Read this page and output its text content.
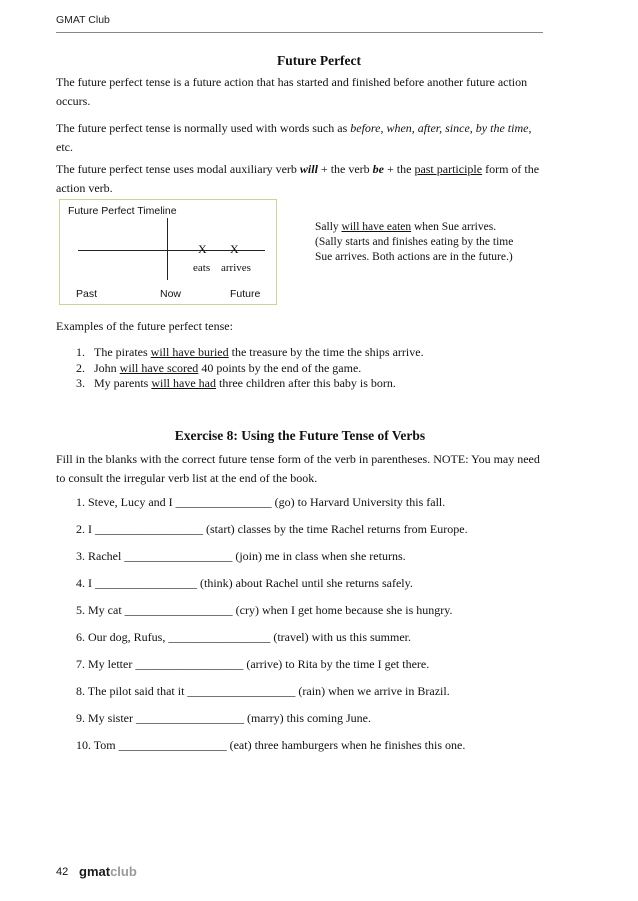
GMAT Club
Future Perfect
The future perfect tense is a future action that has started and finished before another future action occurs.
The future perfect tense is normally used with words such as before, when, after, since, by the time, etc.
The future perfect tense uses modal auxiliary verb will + the verb be + the past participle form of the action verb.
Future Perfect Timeline
X X
eats arrives
Past	Now	Future
Sally will have eaten when Sue arrives.
(Sally starts and finishes eating by the time Sue arrives. Both actions are in the future.)
Examples of the future perfect tense:
1. The pirates will have buried the treasure by the time the ships arrive.
2. John will have scored 40 points by the end of the game.
3. My parents will have had three children after this baby is born.
Exercise 8: Using the Future Tense of Verbs
Fill in the blanks with the correct future tense form of the verb in parentheses. NOTE: You may need to consult the irregular verb list at the end of the book.
1. Steve, Lucy and I ________________ (go) to Harvard University this fall.
2. I __________________ (start) classes by the time Rachel returns from Europe.
3. Rachel __________________ (join) me in class when she returns.
4. I _________________ (think) about Rachel until she returns safely.
5. My cat __________________ (cry) when I get home because she is hungry.
6. Our dog, Rufus, _________________ (travel) with us this summer.
7. My letter __________________ (arrive) to Rita by the time I get there.
8. The pilot said that it __________________ (rain) when we arrive in Brazil.
9. My sister __________________ (marry) this coming June.
10. Tom __________________ (eat) three hamburgers when he finishes this one.
42 gmatclub
